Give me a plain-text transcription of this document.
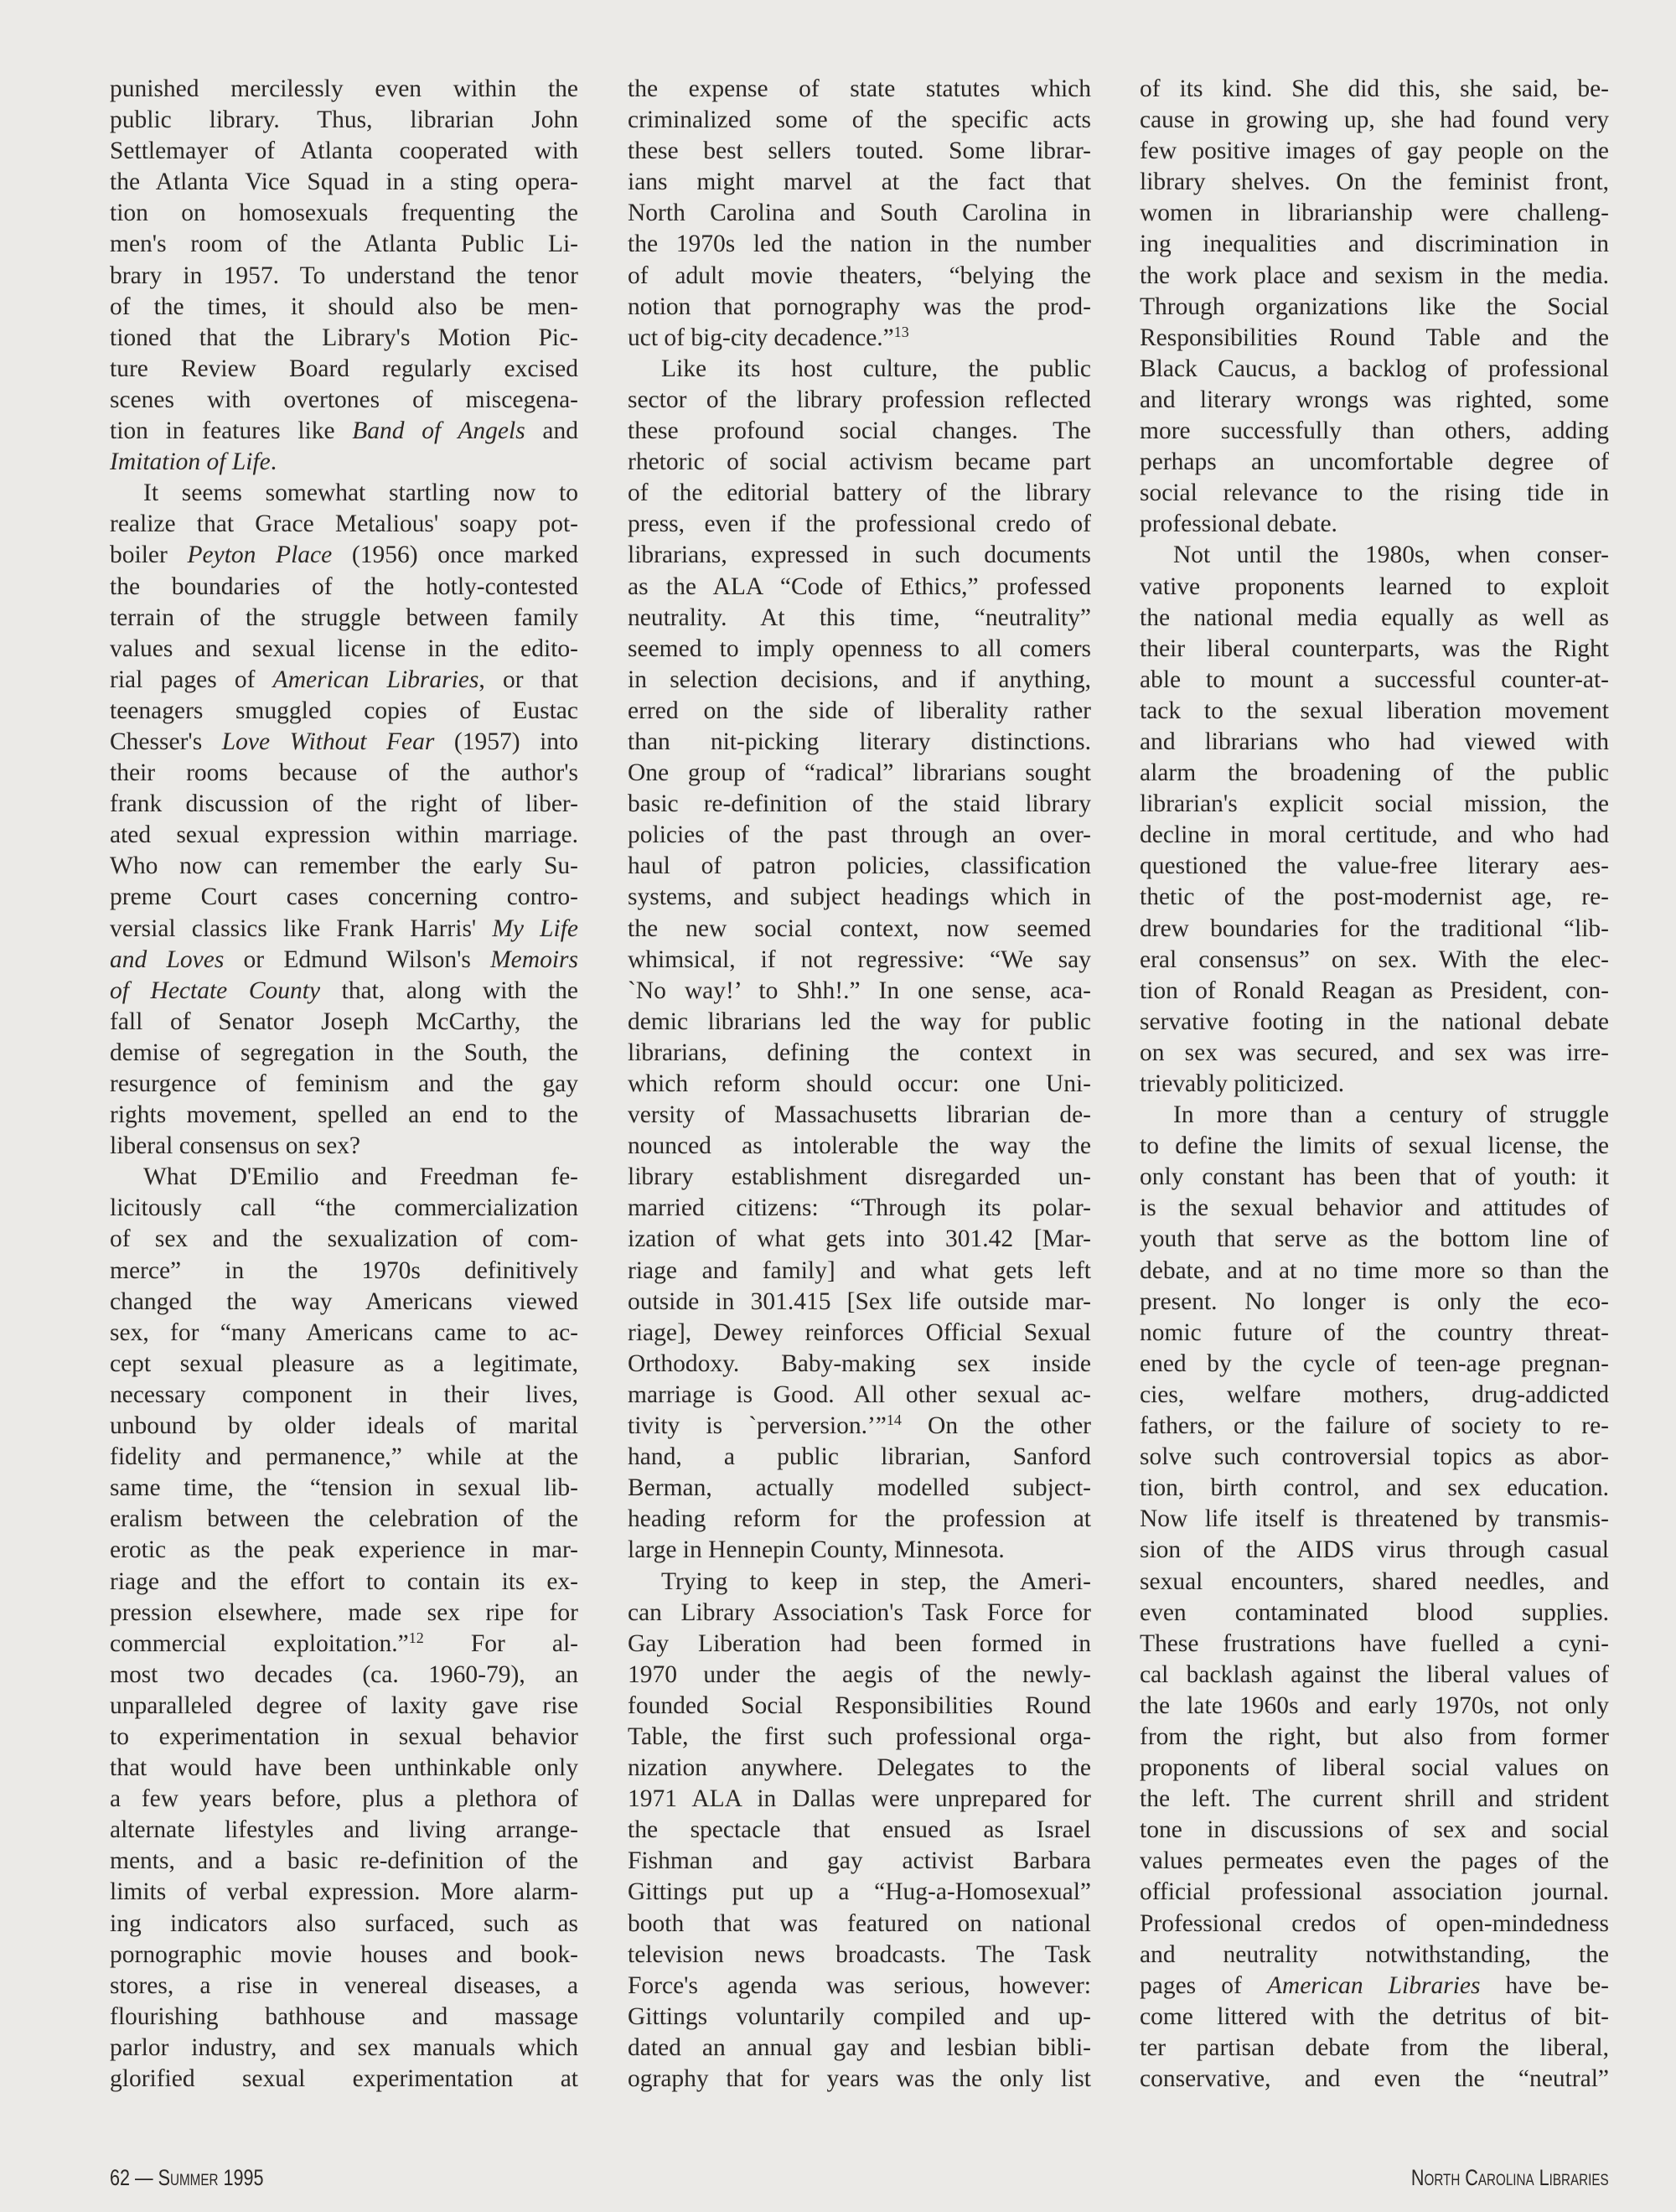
punished mercilessly even within the
public library. Thus, librarian John
Settlemayer of Atlanta cooperated with
the Atlanta Vice Squad in a sting opera-
tion on homosexuals frequenting the
men's room of the Atlanta Public Li-
brary in 1957. To understand the tenor
of the times, it should also be men-
tioned that the Library's Motion Pic-
ture Review Board regularly excised
scenes with overtones of miscegena-
tion in features like Band of Angels and
Imitation of Life.
It seems somewhat startling now to
realize that Grace Metalious' soapy pot-
boiler Peyton Place (1956) once marked
the boundaries of the hotly-contested
terrain of the struggle between family
values and sexual license in the edito-
rial pages of American Libraries, or that
teenagers smuggled copies of Eustac
Chesser's Love Without Fear (1957) into
their rooms because of the author's
frank discussion of the right of liber-
ated sexual expression within marriage.
Who now can remember the early Su-
preme Court cases concerning contro-
versial classics like Frank Harris' My Life
and Loves or Edmund Wilson's Memoirs
of Hectate County that, along with the
fall of Senator Joseph McCarthy, the
demise of segregation in the South, the
resurgence of feminism and the gay
rights movement, spelled an end to the
liberal consensus on sex?
What D'Emilio and Freedman fe-
licitously call “the commercialization
of sex and the sexualization of com-
merce” in the 1970s definitively
changed the way Americans viewed
sex, for “many Americans came to ac-
cept sexual pleasure as a legitimate,
necessary component in their lives,
unbound by older ideals of marital
fidelity and permanence,” while at the
same time, the “tension in sexual lib-
eralism between the celebration of the
erotic as the peak experience in mar-
riage and the effort to contain its ex-
pression elsewhere, made sex ripe for
commercial exploitation.”$^{12}$ For al-
most two decades (ca. 1960-79), an
unparalleled degree of laxity gave rise
to experimentation in sexual behavior
that would have been unthinkable only
a few years before, plus a plethora of
alternate lifestyles and living arrange-
ments, and a basic re-definition of the
limits of verbal expression. More alarm-
ing indicators also surfaced, such as
pornographic movie houses and book-
stores, a rise in venereal diseases, a
flourishing bathhouse and massage
parlor industry, and sex manuals which
glorified sexual experimentation at
the expense of state statutes which
criminalized some of the specific acts
these best sellers touted. Some librar-
ians might marvel at the fact that
North Carolina and South Carolina in
the 1970s led the nation in the number
of adult movie theaters, “belying the
notion that pornography was the prod-
uct of big-city decadence.”$^{13}$
Like its host culture, the public
sector of the library profession reflected
these profound social changes. The
rhetoric of social activism became part
of the editorial battery of the library
press, even if the professional credo of
librarians, expressed in such documents
as the ALA “Code of Ethics,” professed
neutrality. At this time, “neutrality”
seemed to imply openness to all comers
in selection decisions, and if anything,
erred on the side of liberality rather
than nit-picking literary distinctions.
One group of “radical” librarians sought
basic re-definition of the staid library
policies of the past through an over-
haul of patron policies, classification
systems, and subject headings which in
the new social context, now seemed
whimsical, if not regressive: “We say
`No way!’ to Shh!.” In one sense, aca-
demic librarians led the way for public
librarians, defining the context in
which reform should occur: one Uni-
versity of Massachusetts librarian de-
nounced as intolerable the way the
library establishment disregarded un-
married citizens: “Through its polar-
ization of what gets into 301.42 [Mar-
riage and family] and what gets left
outside in 301.415 [Sex life outside mar-
riage], Dewey reinforces Official Sexual
Orthodoxy. Baby-making sex inside
marriage is Good. All other sexual ac-
tivity is `perversion.’”$^{14}$ On the other
hand, a public librarian, Sanford
Berman, actually modelled subject-
heading reform for the profession at
large in Hennepin County, Minnesota.
Trying to keep in step, the Ameri-
can Library Association's Task Force for
Gay Liberation had been formed in
1970 under the aegis of the newly-
founded Social Responsibilities Round
Table, the first such professional orga-
nization anywhere. Delegates to the
1971 ALA in Dallas were unprepared for
the spectacle that ensued as Israel
Fishman and gay activist Barbara
Gittings put up a “Hug-a-Homosexual”
booth that was featured on national
television news broadcasts. The Task
Force's agenda was serious, however:
Gittings voluntarily compiled and up-
dated an annual gay and lesbian bibli-
ography that for years was the only list
of its kind. She did this, she said, be-
cause in growing up, she had found very
few positive images of gay people on the
library shelves. On the feminist front,
women in librarianship were challeng-
ing inequalities and discrimination in
the work place and sexism in the media.
Through organizations like the Social
Responsibilities Round Table and the
Black Caucus, a backlog of professional
and literary wrongs was righted, some
more successfully than others, adding
perhaps an uncomfortable degree of
social relevance to the rising tide in
professional debate.
Not until the 1980s, when conser-
vative proponents learned to exploit
the national media equally as well as
their liberal counterparts, was the Right
able to mount a successful counter-at-
tack to the sexual liberation movement
and librarians who had viewed with
alarm the broadening of the public
librarian's explicit social mission, the
decline in moral certitude, and who had
questioned the value-free literary aes-
thetic of the post-modernist age, re-
drew boundaries for the traditional “lib-
eral consensus” on sex. With the elec-
tion of Ronald Reagan as President, con-
servative footing in the national debate
on sex was secured, and sex was irre-
trievably politicized.
In more than a century of struggle
to define the limits of sexual license, the
only constant has been that of youth: it
is the sexual behavior and attitudes of
youth that serve as the bottom line of
debate, and at no time more so than the
present. No longer is only the eco-
nomic future of the country threat-
ened by the cycle of teen-age pregnan-
cies, welfare mothers, drug-addicted
fathers, or the failure of society to re-
solve such controversial topics as abor-
tion, birth control, and sex education.
Now life itself is threatened by transmis-
sion of the AIDS virus through casual
sexual encounters, shared needles, and
even contaminated blood supplies.
These frustrations have fuelled a cyni-
cal backlash against the liberal values of
the late 1960s and early 1970s, not only
from the right, but also from former
proponents of liberal social values on
the left. The current shrill and strident
tone in discussions of sex and social
values permeates even the pages of the
official professional association journal.
Professional credos of open-mindedness
and neutrality notwithstanding, the
pages of American Libraries have be-
come littered with the detritus of bit-
ter partisan debate from the liberal,
conservative, and even the “neutral”
62 — Summer 1995	North Carolina Libraries
